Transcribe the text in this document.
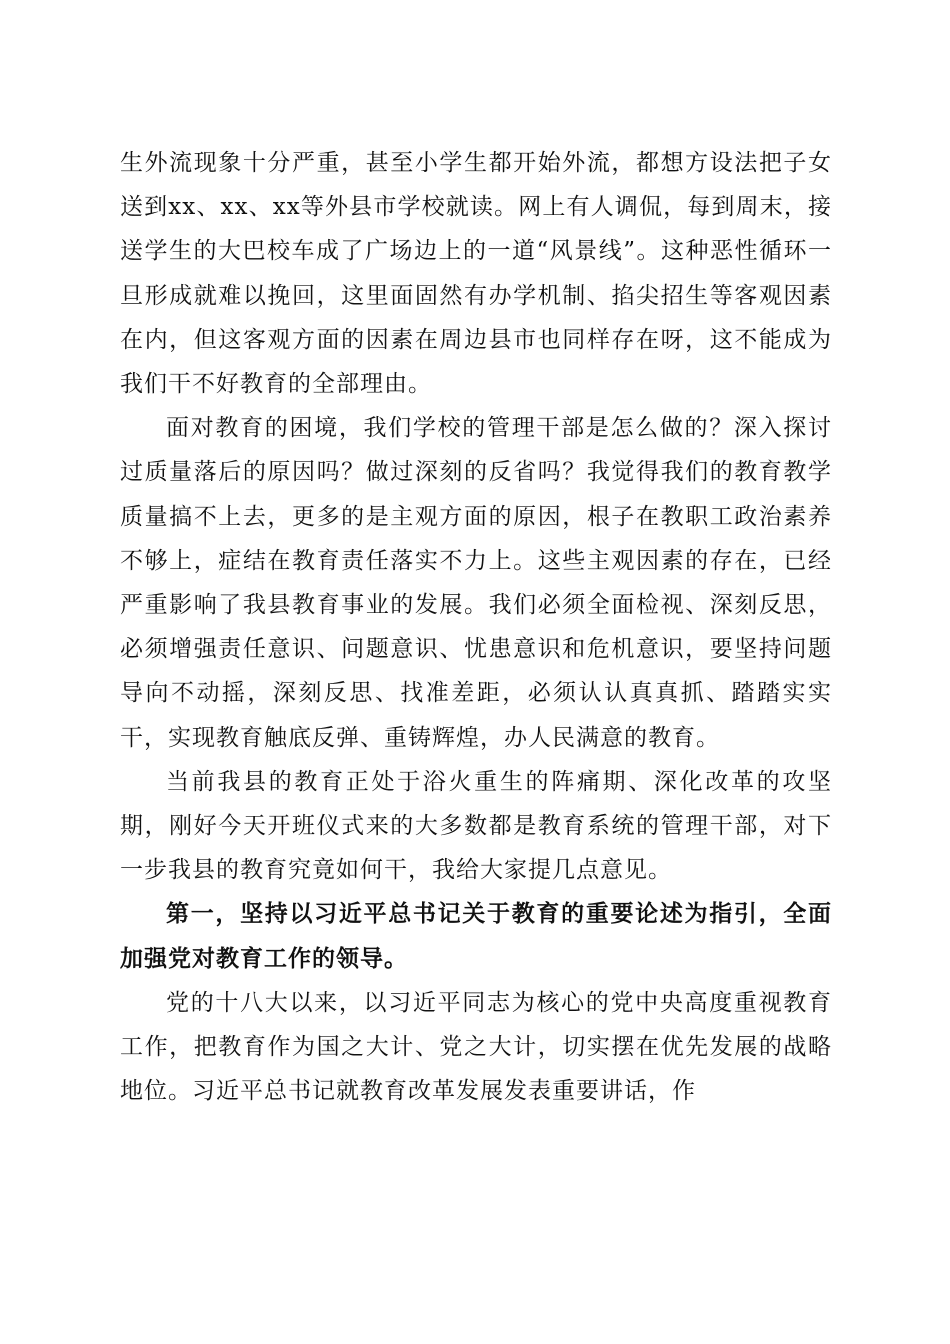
生外流现象十分严重，甚至小学生都开始外流，都想方设法把子女送到xx、xx、xx等外县市学校就读。网上有人调侃，每到周末，接送学生的大巴校车成了广场边上的一道“风景线”。这种恶性循环一旦形成就难以挽回，这里面固然有办学机制、掐尖招生等客观因素在内，但这客观方面的因素在周边县市也同样存在呀，这不能成为我们干不好教育的全部理由。

面对教育的困境，我们学校的管理干部是怎么做的？深入探讨过质量落后的原因吗？做过深刻的反省吗？我觉得我们的教育教学质量搞不上去，更多的是主观方面的原因，根子在教职工政治素养不够上，症结在教育责任落实不力上。这些主观因素的存在，已经严重影响了我县教育事业的发展。我们必须全面检视、深刻反思，必须增强责任意识、问题意识、忧患意识和危机意识，要坚持问题导向不动摇，深刻反思、找准差距，必须认认真真抓、踏踏实实干，实现教育触底反弹、重铸辉煌，办人民满意的教育。

当前我县的教育正处于浴火重生的阵痛期、深化改革的攻坚期，刚好今天开班仪式来的大多数都是教育系统的管理干部，对下一步我县的教育究竟如何干，我给大家提几点意见。

第一，坚持以习近平总书记关于教育的重要论述为指引，全面加强党对教育工作的领导。

党的十八大以来，以习近平同志为核心的党中央高度重视教育工作，把教育作为国之大计、党之大计，切实摆在优先发展的战略地位。习近平总书记就教育改革发展发表重要讲话，作
